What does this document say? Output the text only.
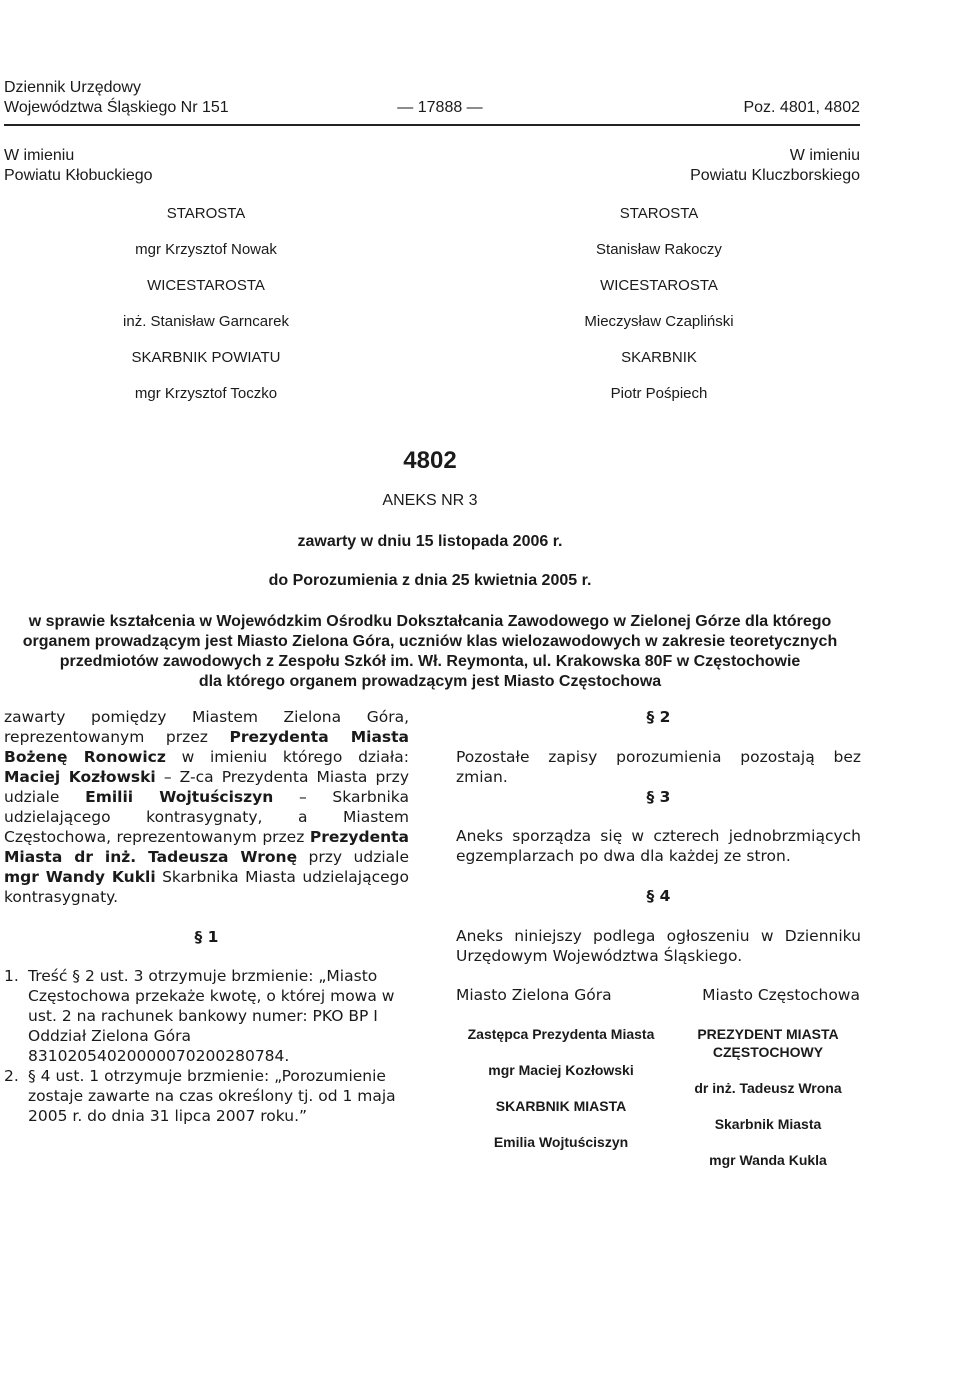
Dziennik Urzędowy
Województwa Śląskiego Nr 151	— 17888 —	Poz. 4801, 4802
W imieniu
Powiatu Kłobuckiego
W imieniu
Powiatu Kluczborskiego
STAROSTA
mgr Krzysztof Nowak
WICESTAROSTA
inż. Stanisław Garncarek
SKARBNIK POWIATU
mgr Krzysztof Toczko
STAROSTA
Stanisław Rakoczy
WICESTAROSTA
Mieczysław Czapliński
SKARBNIK
Piotr Pośpiech
4802
ANEKS NR 3
zawarty w dniu 15 listopada 2006 r.
do Porozumienia z dnia 25 kwietnia 2005 r.
w sprawie kształcenia w Wojewódzkim Ośrodku Dokształcania Zawodowego w Zielonej Górze dla którego
organem prowadzącym jest Miasto Zielona Góra, uczniów klas wielozawodowych w zakresie teoretycznych
przedmiotów zawodowych z Zespołu Szkół im. Wł. Reymonta, ul. Krakowska 80F w Częstochowie
dla którego organem prowadzącym jest Miasto Częstochowa

zawarty pomiędzy Miastem Zielona Góra, reprezentowanym przez Prezydenta Miasta Bożenę Ronowicz w imieniu którego działa: Maciej Kozłowski – Z-ca Prezydenta Miasta przy udziale Emilii Wojtuściszyn – Skarbnika udzielającego kontrasygnaty, a Miastem Częstochowa, reprezentowanym przez Prezydenta Miasta dr inż. Tadeusza Wronę przy udziale mgr Wandy Kukli Skarbnika Miasta udzielającego kontrasygnaty.

§ 1
1. Treść § 2 ust. 3 otrzymuje brzmienie: „Miasto Częstochowa przekaże kwotę, o której mowa w ust. 2 na rachunek bankowy numer: PKO BP I Oddział Zielona Góra 83102054020000070200280784.
2. § 4 ust. 1 otrzymuje brzmienie: „Porozumienie zostaje zawarte na czas określony tj. od 1 maja 2005 r. do dnia 31 lipca 2007 roku.”
§ 2
Pozostałe zapisy porozumienia pozostają bez zmian.
§ 3
Aneks sporządza się w czterech jednobrzmiących egzemplarzach po dwa dla każdej ze stron.
§ 4
Aneks niniejszy podlega ogłoszeniu w Dzienniku Urzędowym Województwa Śląskiego.
Miasto Zielona Góra	Miasto Częstochowa
Zastępca Prezydenta Miasta
mgr Maciej Kozłowski
SKARBNIK MIASTA
Emilia Wojtuściszyn
PREZYDENT MIASTA CZĘSTOCHOWY
dr inż. Tadeusz Wrona
Skarbnik Miasta
mgr Wanda Kukla
